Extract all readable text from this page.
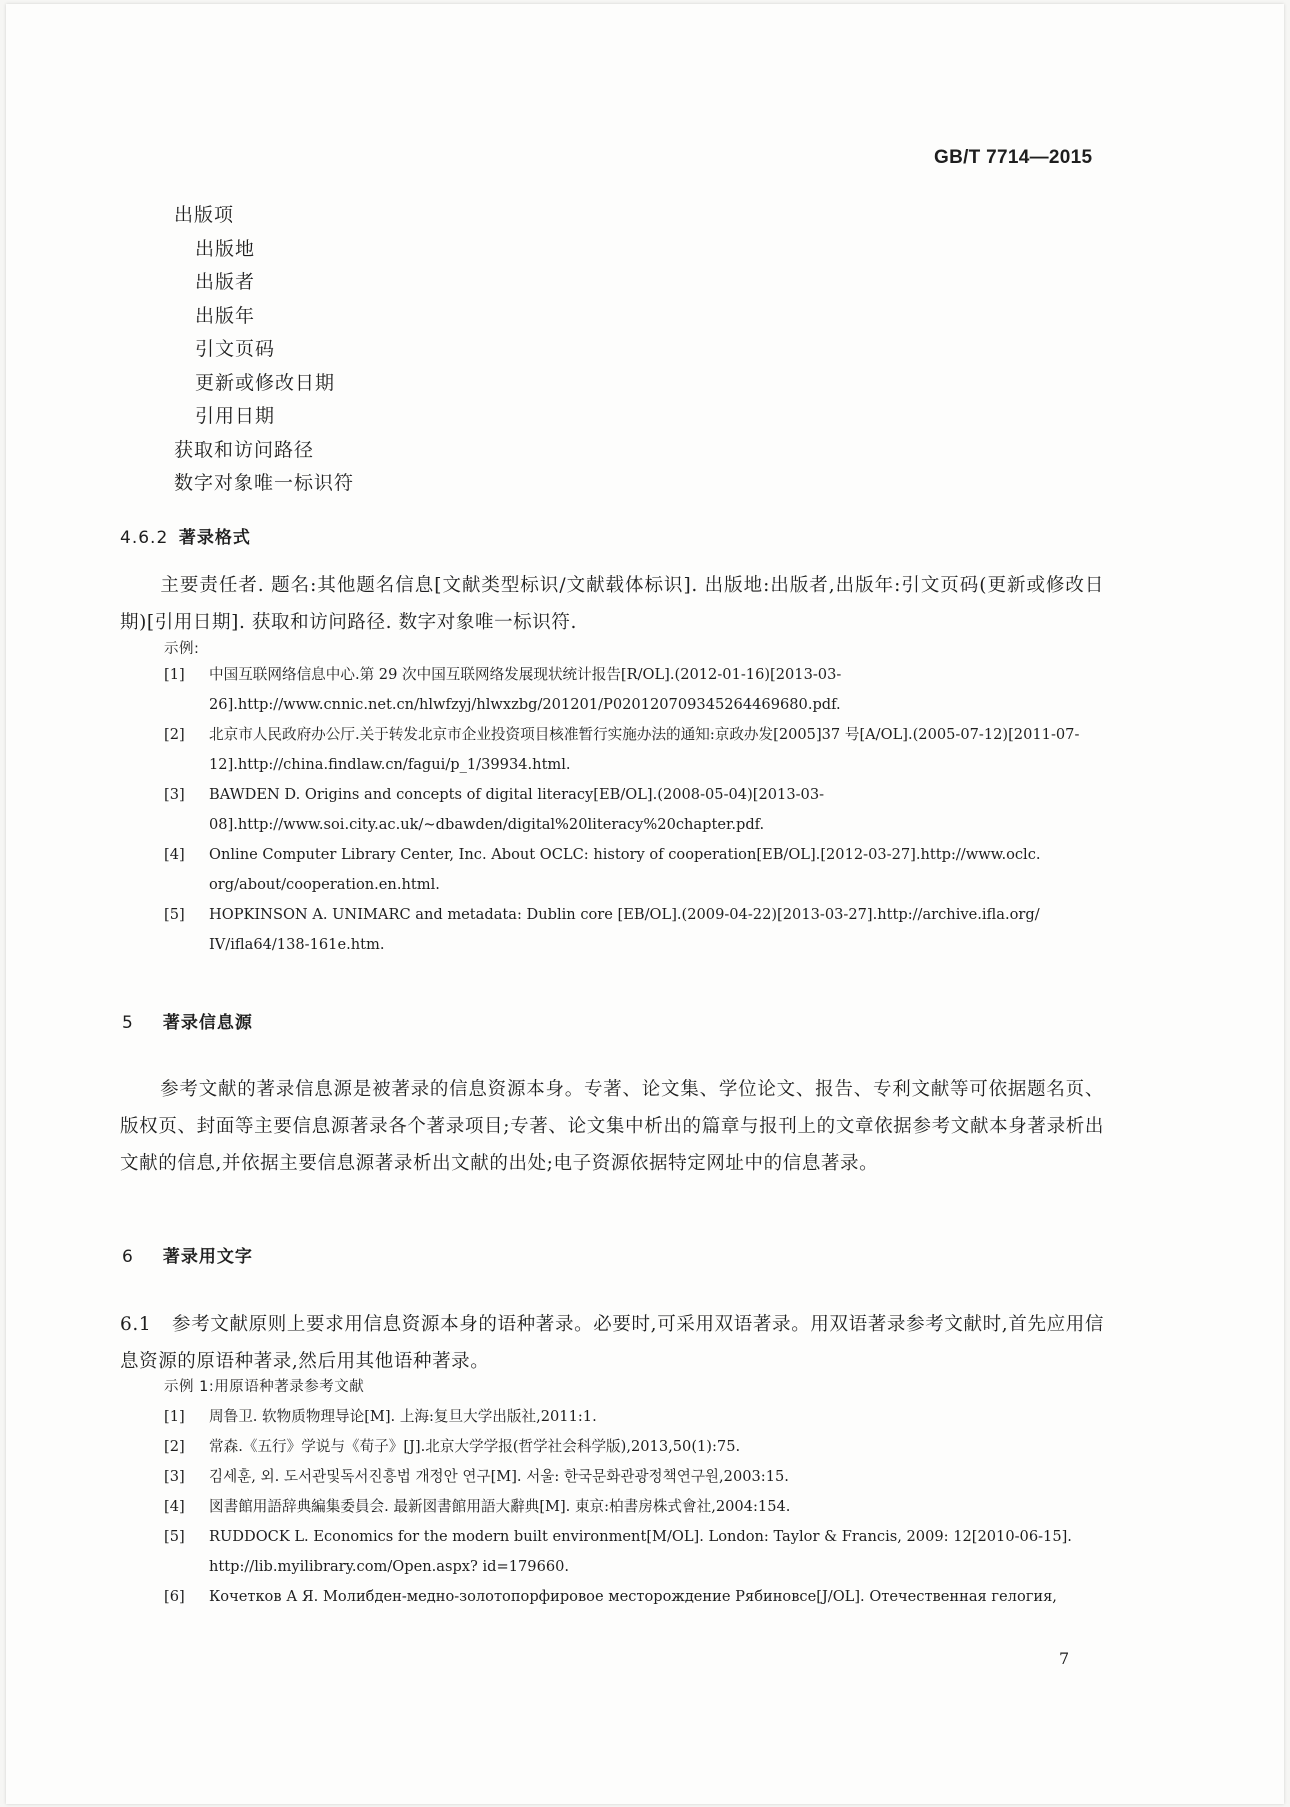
GB/T 7714—2015
出版项
出版地
出版者
出版年
引文页码
更新或修改日期
引用日期
获取和访问路径
数字对象唯一标识符
4.6.2 著录格式
主要责任者. 题名:其他题名信息[文献类型标识/文献载体标识]. 出版地:出版者,出版年:引文页码(更新或修改日期)[引用日期]. 获取和访问路径. 数字对象唯一标识符.
示例:
[1] 中国互联网络信息中心.第 29 次中国互联网络发展现状统计报告[R/OL].(2012-01-16)[2013-03-26].http://www.cnnic.net.cn/hlwfzyj/hlwxzbg/201201/P020120709345264469680.pdf.
[2] 北京市人民政府办公厅.关于转发北京市企业投资项目核准暂行实施办法的通知:京政办发[2005]37 号[A/OL].(2005-07-12)[2011-07-12].http://china.findlaw.cn/fagui/p_1/39934.html.
[3] BAWDEN D. Origins and concepts of digital literacy[EB/OL].(2008-05-04)[2013-03-08].http://www.soi.city.ac.uk/~dbawden/digital%20literacy%20chapter.pdf.
[4] Online Computer Library Center, Inc. About OCLC: history of cooperation[EB/OL].[2012-03-27].http://www.oclc. org/about/cooperation.en.html.
[5] HOPKINSON A. UNIMARC and metadata: Dublin core [EB/OL].(2009-04-22)[2013-03-27].http://archive.ifla.org/ IV/ifla64/138-161e.htm.
5 著录信息源
参考文献的著录信息源是被著录的信息资源本身。专著、论文集、学位论文、报告、专利文献等可依据题名页、版权页、封面等主要信息源著录各个著录项目;专著、论文集中析出的篇章与报刊上的文章依据参考文献本身著录析出文献的信息,并依据主要信息源著录析出文献的出处;电子资源依据特定网址中的信息著录。
6 著录用文字
6.1 参考文献原则上要求用信息资源本身的语种著录。必要时,可采用双语著录。用双语著录参考文献时,首先应用信息资源的原语种著录,然后用其他语种著录。
示例 1:用原语种著录参考文献
[1] 周鲁卫. 软物质物理导论[M]. 上海:复旦大学出版社,2011:1.
[2] 常森.《五行》学说与《荀子》[J].北京大学学报(哲学社会科学版),2013,50(1):75.
[3] 김세훈, 외. 도서관및독서진흥법 개정안 연구[M]. 서울: 한국문화관광정책연구원,2003:15.
[4] 図書館用語辞典編集委員会. 最新図書館用語大辭典[M]. 東京:柏書房株式會社,2004:154.
[5] RUDDOCK L. Economics for the modern built environment[M/OL]. London: Taylor & Francis, 2009: 12[2010-06-15]. http://lib.myilibrary.com/Open.aspx? id=179660.
[6] Кочетков А Я. Молибден-медно-золотопорфировое месторождение Рябиновсе[J/OL]. Отечественная гелогия,
7
